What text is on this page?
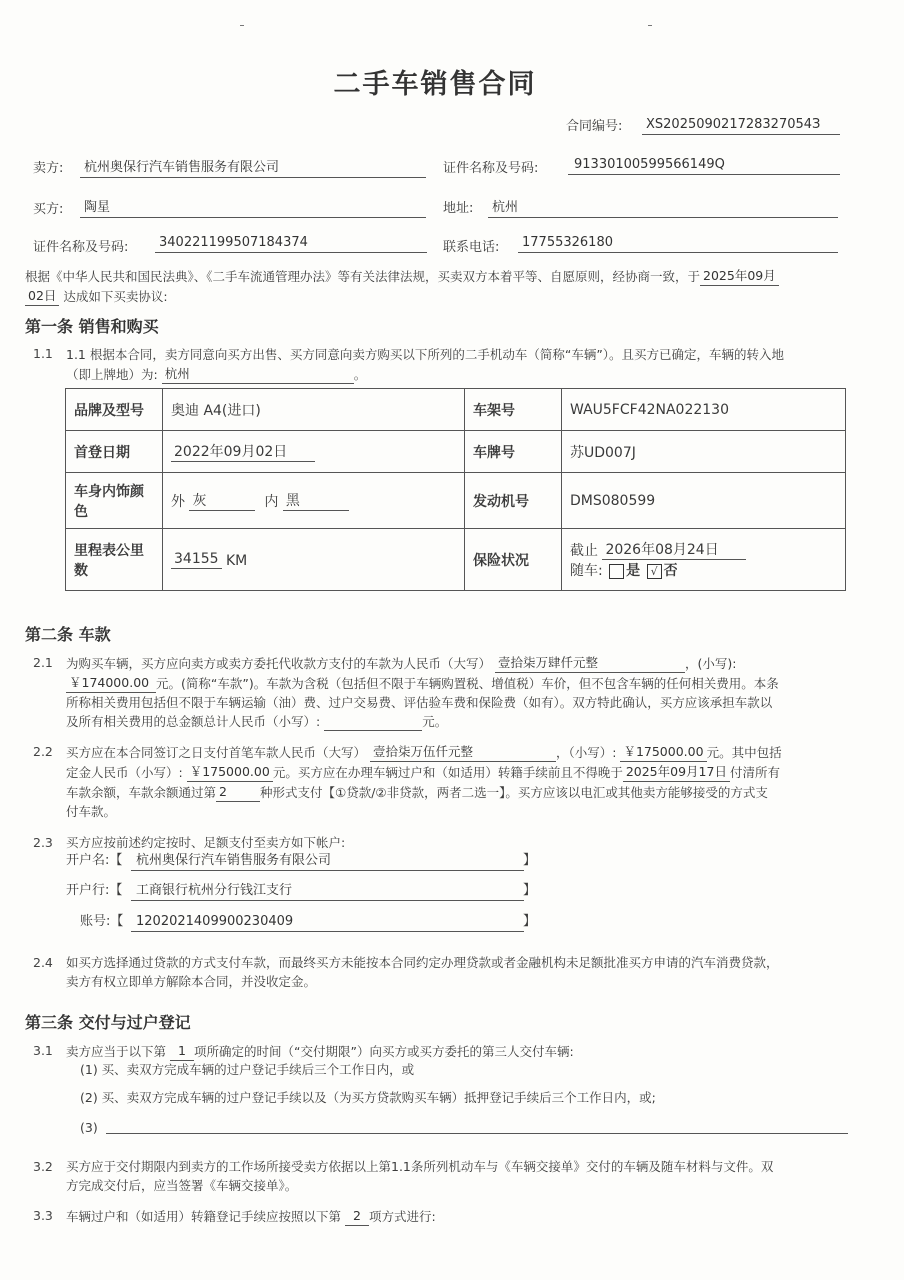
二手车销售合同
合同编号:	XS202509021728327054З
卖方:	杭州奥保行汽车销售服务有限公司	证件名称及号码:	91330100599566149Q
买方:	陶星	地址:	杭州
证件名称及号码:	340221199507184374	联系电话:	17755326180
根据《中华人民共和国民法典》、《二手车流通管理办法》等有关法律法规，买卖双方本着平等、自愿原则，经协商一致，于 2025年09月
02日 达成如下买卖协议:
第一条 销售和购买
1.1 1.1 根据本合同，卖方同意向买方出售、买方同意向卖方购买以下所列的二手机动车（简称“车辆”）。且买方已确定，车辆的转入地
（即上牌地）为: 杭州	。
品牌及型号	奥迪 A4(进口)	车架号	WAU5FCF42NA022130
首登日期	2022年09月02日	车牌号	苏UD007J
车身内饰颜色	外 灰 内 黑	发动机号	DMS080599
里程表公里数	34155 KM	保险状况	截止 2026年08月24日
随车: 是 √ 否
第二条 车款
2.1 为购买车辆，买方应向卖方或卖方委托代收款方支付的车款为人民币（大写） 壹拾柒万肆仟元整	，(小写):
￥174000.00 元。(简称“车款”)。车款为含税（包括但不限于车辆购置税、增值税）车价，但不包含车辆的任何相关费用。本条
所称相关费用包括但不限于车辆运输（油）费、过户交易费、评估验车费和保险费（如有）。双方特此确认，买方应该承担车款以
及所有相关费用的总金额总计人民币（小写）:	元。
2.2 买方应在本合同签订之日支付首笔车款人民币（大写） 壹拾柒万伍仟元整	，（小写）: ￥175000.00 元。其中包括
定金人民币（小写）: ￥175000.00 元。买方应在办理车辆过户和（如适用）转籍手续前且不得晚于 2025年09月17日 付清所有
车款余额，车款余额通过第 2	种形式支付【①贷款/②非贷款，两者二选一】。买方应该以电汇或其他卖方能够接受的方式支
付车款。
2.3 买方应按前述约定按时、足额支付至卖方如下帐户:
开户名:【	杭州奥保行汽车销售服务有限公司	】
开户行:【	工商银行杭州分行钱江支行	】
账号:【 1202021409900230409	】
2.4 如买方选择通过贷款的方式支付车款，而最终买方未能按本合同约定办理贷款或者金融机构未足额批准买方申请的汽车消费贷款，
卖方有权立即单方解除本合同，并没收定金。
第三条 交付与过户登记
3.1 卖方应当于以下第 1 项所确定的时间（“交付期限”）向买方或买方委托的第三人交付车辆:
(1) 买、卖双方完成车辆的过户登记手续后三个工作日内，或
(2) 买、卖双方完成车辆的过户登记手续以及（为买方贷款购买车辆）抵押登记手续后三个工作日内，或;
(3)
3.2 买方应于交付期限内到卖方的工作场所接受卖方依据以上第1.1条所列机动车与《车辆交接单》交付的车辆及随车材料与文件。双
方完成交付后，应当签署《车辆交接单》。
3.3 车辆过户和（如适用）转籍登记手续应按照以下第 2 项方式进行:
